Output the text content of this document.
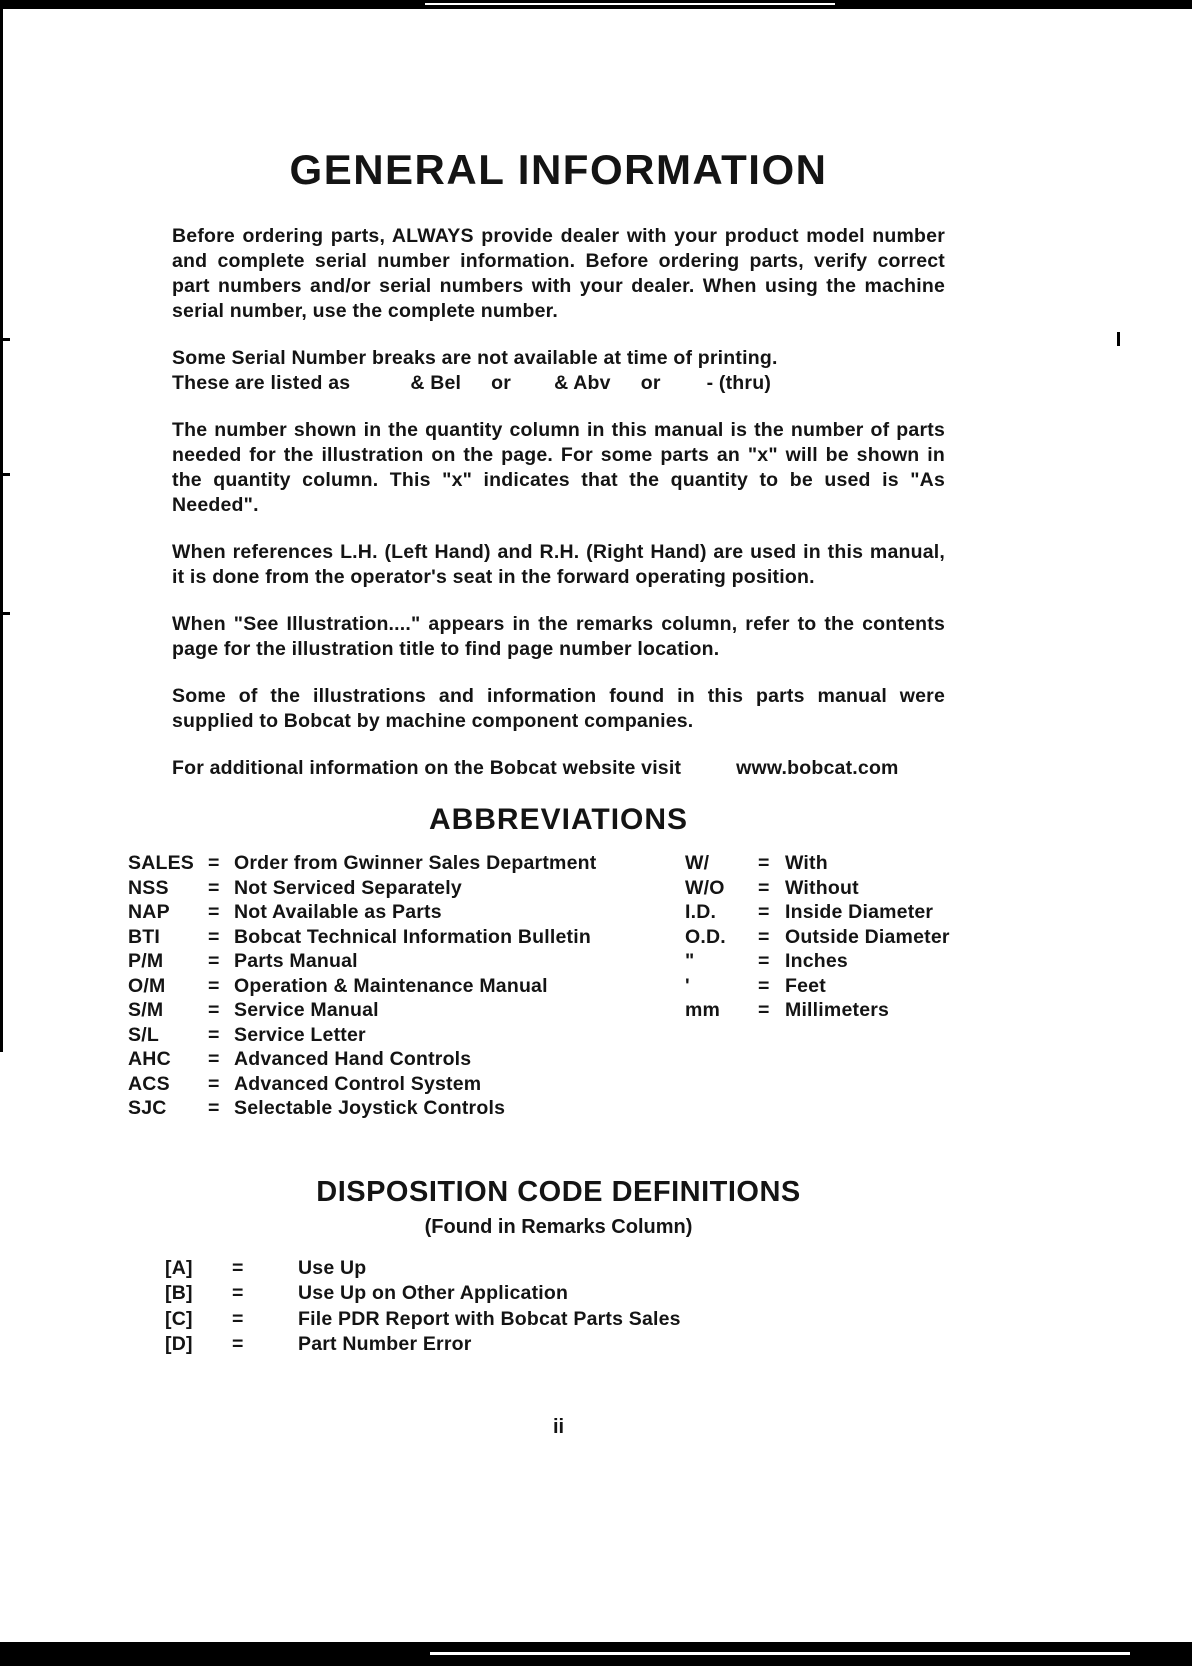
GENERAL INFORMATION

Before ordering parts, ALWAYS provide dealer with your product model number and complete serial number information. Before ordering parts, verify correct part numbers and/or serial numbers with your dealer. When using the machine serial number, use the complete number.

Some Serial Number breaks are not available at time of printing.

These are listed as	& Bel or & Abv or - (thru)

The number shown in the quantity column in this manual is the number of parts needed for the illustration on the page. For some parts an "x" will be shown in the quantity column. This "x" indicates that the quantity to be used is "As Needed".

When references L.H. (Left Hand) and R.H. (Right Hand) are used in this manual, it is done from the operator's seat in the forward operating position.

When "See Illustration...." appears in the remarks column, refer to the contents page for the illustration title to find page number location.

Some of the illustrations and information found in this parts manual were supplied to Bobcat by machine component companies.

For additional information on the Bobcat website visit	www.bobcat.com
ABBREVIATIONS
SALES = Order from Gwinner Sales Department
NSS	= Not Serviced Separately
NAP	= Not Available as Parts
BTI	= Bobcat Technical Information Bulletin
P/M	= Parts Manual
O/M	= Operation & Maintenance Manual
S/M	= Service Manual
S/L	= Service Letter
AHC	= Advanced Hand Controls
ACS	= Advanced Control System
SJC	= Selectable Joystick Controls
W/	= With
W/O	= Without
I.D.	= Inside Diameter
O.D.	= Outside Diameter
"	= Inches
'	= Feet
mm	= Millimeters
DISPOSITION CODE DEFINITIONS
(Found in Remarks Column)
[A]	=	Use Up
[B]	=	Use Up on Other Application
[C]	=	File PDR Report with Bobcat Parts Sales
[D]	=	Part Number Error
ii
